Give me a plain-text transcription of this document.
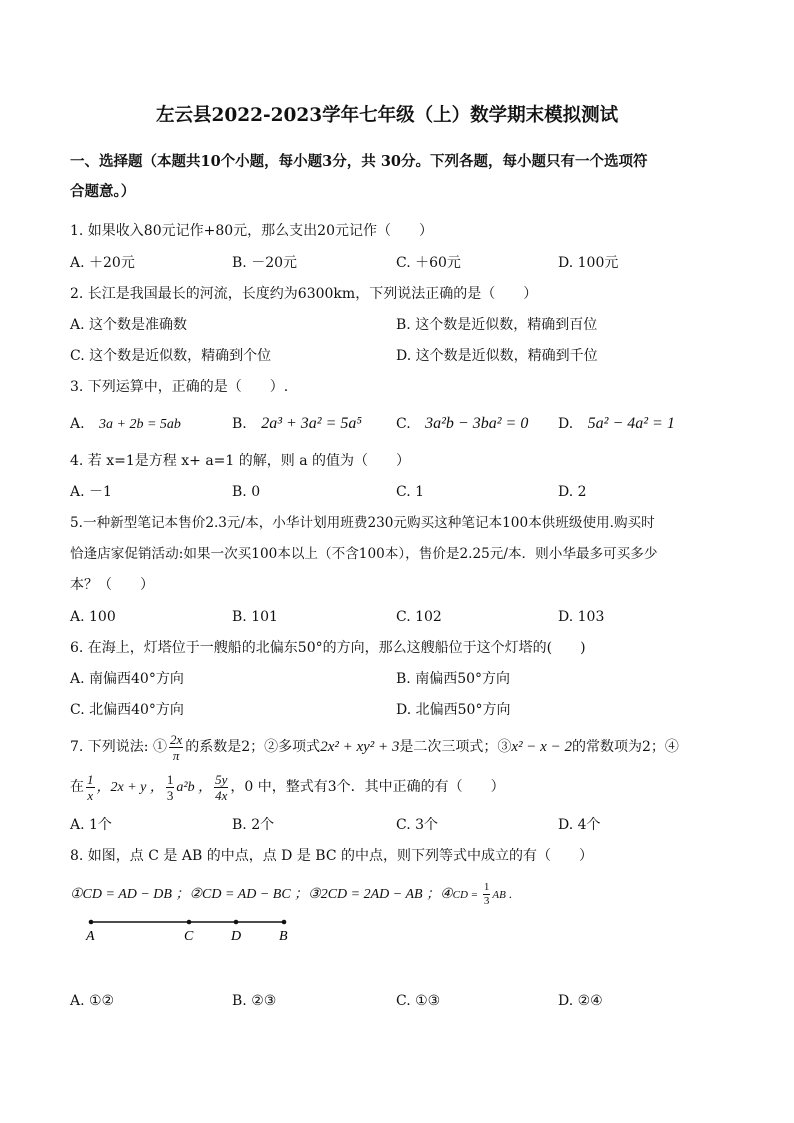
左云县2022-2023学年七年级（上）数学期末模拟测试
一、选择题（本题共10个小题，每小题3分，共 30分。下列各题，每小题只有一个选项符
合题意。）
1. 如果收入80元记作+80元，那么支出20元记作（　　）
A. ＋20元	B. －20元	C. ＋60元	D. 100元
2. 长江是我国最长的河流，长度约为6300km，下列说法正确的是（　　）
A. 这个数是准确数	B. 这个数是近似数，精确到百位
C. 这个数是近似数，精确到个位	D. 这个数是近似数，精确到千位
3. 下列运算中，正确的是（　　）.
A. 3a + 2b = 5ab	B. 2a³ + 3a² = 5a⁵ C. 3a²b − 3ba² = 0 D. 5a² − 4a² = 1
4. 若 x=1是方程 x+ a=1 的解，则 a 的值为（　　）
A. －1	B. 0	C. 1	D. 2
5.一种新型笔记本售价2.3元/本，小华计划用班费230元购买这种笔记本100本供班级使用.购买时
恰逢店家促销活动:如果一次买100本以上（不含100本），售价是2.25元/本．则小华最多可买多少
本？（　　）
A. 100	B. 101	C. 102	D. 103
6. 在海上，灯塔位于一艘船的北偏东50°的方向，那么这艘船位于这个灯塔的(　　)
A. 南偏西40°方向	B. 南偏西50°方向
C. 北偏西40°方向	D. 北偏西50°方向
7. 下列说法: ① $\frac{2x}{\pi}$ 的系数是2；②多项式2x² + xy² + 3是二次三项式；③x² − x − 2的常数项为2；④
在 $\frac{1}{x}$ ，2x + y ， $\frac{1}{3} a^2b$ ， $\frac{5y}{4x}$ ，0 中，整式有3个．其中正确的有（　　）
A. 1个	B. 2个	C. 3个	D. 4个
8. 如图，点 C 是 AB 的中点，点 D 是 BC 的中点，则下列等式中成立的有（　　）
①CD = AD − DB ；②CD = AD − BC ；③2CD = 2AD − AB ；④CD = $\frac{1}{3}$ AB ．
A	C	D	B
A. ①②	B. ②③	C. ①③	D. ②④
